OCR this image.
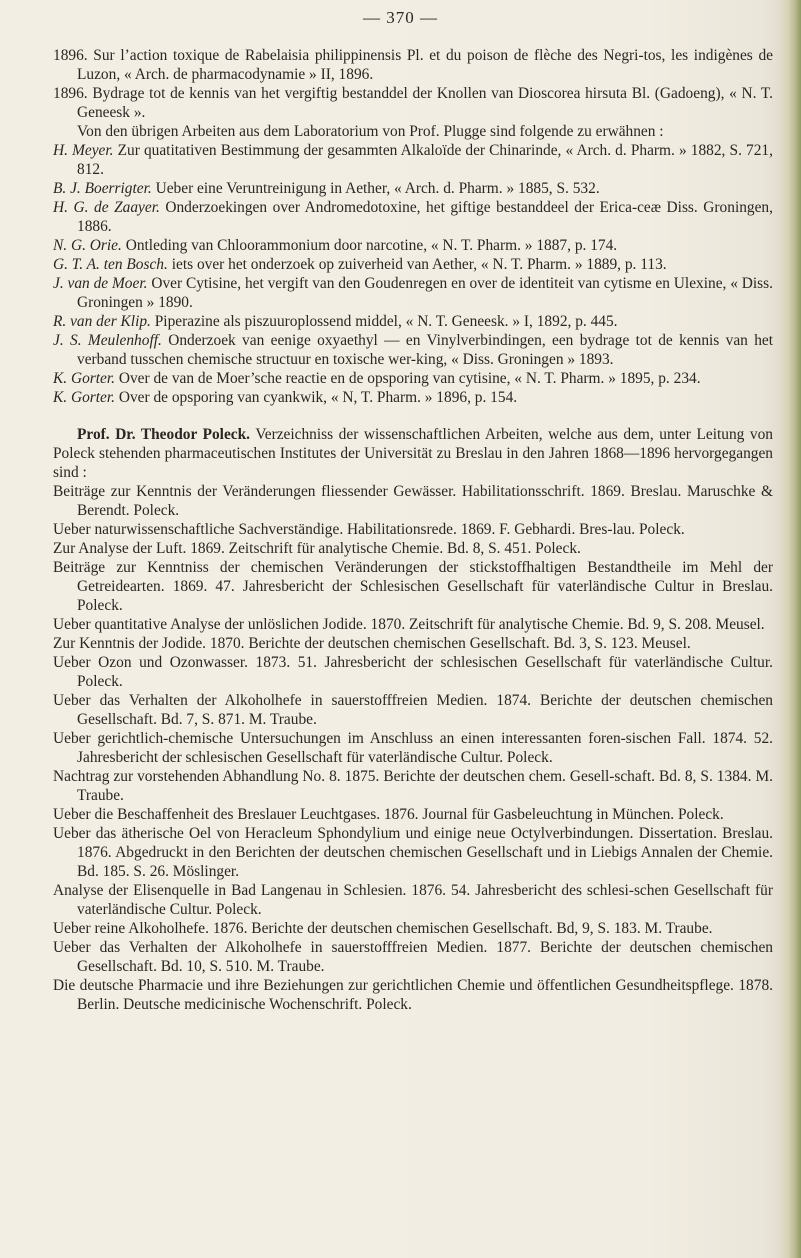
— 370 —

1896. Sur l’action toxique de Rabelaisia philippinensis Pl. et du poison de flèche des Negri-tos, les indigènes de Luzon, « Arch. de pharmacodynamie » II, 1896.

1896. Bydrage tot de kennis van het vergiftig bestanddel der Knollen van Dioscorea hirsuta Bl. (Gadoeng), « N. T. Geneesk ».

Von den übrigen Arbeiten aus dem Laboratorium von Prof. Plugge sind folgende zu erwähnen :

H. Meyer. Zur quatitativen Bestimmung der gesammten Alkaloïde der Chinarinde, « Arch. d. Pharm. » 1882, S. 721, 812.

B. J. Boerrigter. Ueber eine Veruntreinigung in Aether, « Arch. d. Pharm. » 1885, S. 532.

H. G. de Zaayer. Onderzoekingen over Andromedotoxine, het giftige bestanddeel der Erica-ceæ Diss. Groningen, 1886.

N. G. Orie. Ontleding van Chloorammonium door narcotine, « N. T. Pharm. » 1887, p. 174.

G. T. A. ten Bosch. iets over het onderzoek op zuiverheid van Aether, « N. T. Pharm. » 1889, p. 113.

J. van de Moer. Over Cytisine, het vergift van den Goudenregen en over de identiteit van cytisme en Ulexine, « Diss. Groningen » 1890.

R. van der Klip. Piperazine als piszuuroplossend middel, « N. T. Geneesk. » I, 1892, p. 445.

J. S. Meulenhoff. Onderzoek van eenige oxyaethyl — en Vinylverbindingen, een bydrage tot de kennis van het verband tusschen chemische structuur en toxische wer-king, « Diss. Groningen » 1893.

K. Gorter. Over de van de Moer’sche reactie en de opsporing van cytisine, « N. T. Pharm. » 1895, p. 234.

K. Gorter. Over de opsporing van cyankwik, « N, T. Pharm. » 1896, p. 154.

Prof. Dr. Theodor Poleck. Verzeichniss der wissenschaftlichen Arbeiten, welche aus dem, unter Leitung von Poleck stehenden pharmaceutischen Institutes der Universität zu Breslau in den Jahren 1868—1896 hervorgegangen sind :

Beiträge zur Kenntnis der Veränderungen fliessender Gewässer. Habilitationsschrift. 1869. Breslau. Maruschke & Berendt. Poleck.

Ueber naturwissenschaftliche Sachverständige. Habilitationsrede. 1869. F. Gebhardi. Bres-lau. Poleck.

Zur Analyse der Luft. 1869. Zeitschrift für analytische Chemie. Bd. 8, S. 451. Poleck.

Beiträge zur Kenntniss der chemischen Veränderungen der stickstoffhaltigen Bestandtheile im Mehl der Getreidearten. 1869. 47. Jahresbericht der Schlesischen Gesellschaft für vaterländische Cultur in Breslau. Poleck.

Ueber quantitative Analyse der unlöslichen Jodide. 1870. Zeitschrift für analytische Chemie. Bd. 9, S. 208. Meusel.

Zur Kenntnis der Jodide. 1870. Berichte der deutschen chemischen Gesellschaft. Bd. 3, S. 123. Meusel.

Ueber Ozon und Ozonwasser. 1873. 51. Jahresbericht der schlesischen Gesellschaft für vaterländische Cultur. Poleck.

Ueber das Verhalten der Alkoholhefe in sauerstofffreien Medien. 1874. Berichte der deutschen chemischen Gesellschaft. Bd. 7, S. 871. M. Traube.

Ueber gerichtlich-chemische Untersuchungen im Anschluss an einen interessanten foren-sischen Fall. 1874. 52. Jahresbericht der schlesischen Gesellschaft für vaterländische Cultur. Poleck.

Nachtrag zur vorstehenden Abhandlung No. 8. 1875. Berichte der deutschen chem. Gesell-schaft. Bd. 8, S. 1384. M. Traube.

Ueber die Beschaffenheit des Breslauer Leuchtgases. 1876. Journal für Gasbeleuchtung in München. Poleck.

Ueber das ätherische Oel von Heracleum Sphondylium und einige neue Octylverbindungen. Dissertation. Breslau. 1876. Abgedruckt in den Berichten der deutschen chemischen Gesellschaft und in Liebigs Annalen der Chemie. Bd. 185. S. 26. Möslinger.

Analyse der Elisenquelle in Bad Langenau in Schlesien. 1876. 54. Jahresbericht des schlesi-schen Gesellschaft für vaterländische Cultur. Poleck.

Ueber reine Alkoholhefe. 1876. Berichte der deutschen chemischen Gesellschaft. Bd, 9, S. 183. M. Traube.

Ueber das Verhalten der Alkoholhefe in sauerstofffreien Medien. 1877. Berichte der deutschen chemischen Gesellschaft. Bd. 10, S. 510. M. Traube.

Die deutsche Pharmacie und ihre Beziehungen zur gerichtlichen Chemie und öffentlichen Gesundheitspflege. 1878. Berlin. Deutsche medicinische Wochenschrift. Poleck.
